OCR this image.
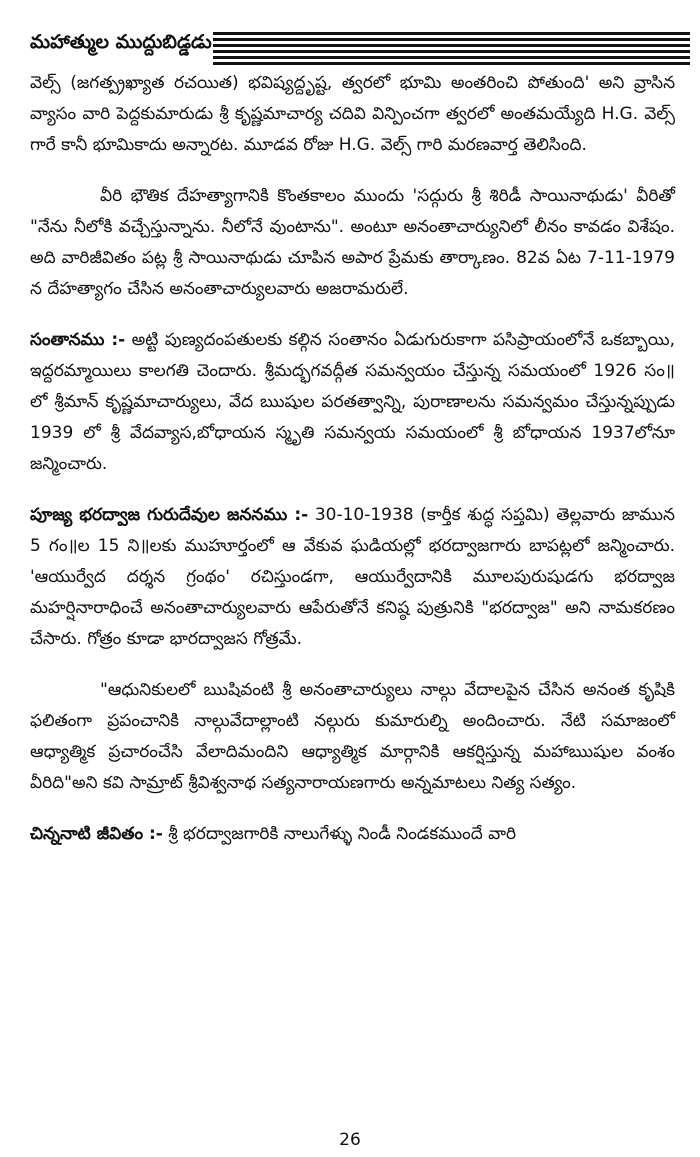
మహాత్ముల ముద్దుబిడ్డడు

వెల్స్ (జగత్ప్రఖ్యాత రచయిత) భవిష్యద్దృష్ట, త్వరలో భూమి అంతరించి పోతుంది' అని వ్రాసిన వ్యాసం వారి పెద్దకుమారుడు శ్రీ కృష్ణమాచార్య చదివి విన్పించగా త్వరలో అంతమయ్యేది H.G. వెల్స్ గారే కానీ భూమికాదు అన్నారట. మూడవ రోజు H.G. వెల్స్ గారి మరణవార్త తెలిసింది.

వీరి భౌతిక దేహత్యాగానికి కొంతకాలం ముందు 'సద్గురు శ్రీ శిరిడీ సాయినాథుడు' వీరితో "నేను నీలోకి వచ్చేస్తున్నాను. నీలోనే వుంటాను". అంటూ అనంతాచార్యునిలో లీనం కావడం విశేషం. అది వారిజీవితం పట్ల శ్రీ సాయినాథుడు చూపిన అపార ప్రేమకు తార్కాణం. 82వ ఏట 7-11-1979 న దేహత్యాగం చేసిన అనంతాచార్యులవారు అజరామరులే.

సంతానము :- అట్టి పుణ్యదంపతులకు కల్గిన సంతానం ఏడుగురుకాగా పసిప్రాయంలోనే ఒకబ్బాయి, ఇద్దరమ్మాయిలు కాలగతి చెందారు. శ్రీమద్భగవద్గీత సమన్వయం చేస్తున్న సమయంలో 1926 సం॥లో శ్రీమాన్ కృష్ణమాచార్యులు, వేద ఋషుల పరతత్వాన్ని, పురాణాలను సమన్వమం చేస్తున్నప్పుడు 1939 లో శ్రీ వేదవ్యాస,బోధాయన స్మృతి సమన్వయ సమయంలో శ్రీ బోధాయన 1937లోనూ జన్మించారు.

పూజ్య భరద్వాజ గురుదేవుల జననము :- 30-10-1938 (కార్తీక శుద్ధ సప్తమి) తెల్లవారు జామున 5 గం॥ల 15 ని॥లకు ముహూర్తంలో ఆ వేకువ ఘడియల్లో భరద్వాజగారు బాపట్లలో జన్మించారు. 'ఆయుర్వేద దర్శన గ్రంథం' రచిస్తుండగా, ఆయుర్వేదానికి మూలపురుషుడగు భరద్వాజ మహర్షినారాధించే అనంతాచార్యులవారు ఆపేరుతోనే కనిష్ఠ పుత్రునికి "భరద్వాజ" అని నామకరణం చేసారు. గోత్రం కూడా భారద్వాజస గోత్రమే.

"ఆధునికులలో ఋషివంటి శ్రీ అనంతాచార్యులు నాల్గు వేదాలపైన చేసిన అనంత కృషికి ఫలితంగా ప్రపంచానికి నాల్గువేదాల్లాంటి నల్గురు కుమారుల్ని అందించారు. నేటి సమాజంలో ఆధ్యాత్మిక ప్రచారంచేసి వేలాదిమందిని ఆధ్యాత్మిక మార్గానికి ఆకర్షిస్తున్న మహాఋషుల వంశం వీరిది"అని కవి సామ్రాట్ శ్రీవిశ్వనాథ సత్యనారాయణగారు అన్నమాటలు నిత్య సత్యం.

చిన్ననాటి జీవితం :- శ్రీ భరద్వాజగారికి నాలుగేళ్ళు నిండీ నిండకముందే వారి

26
